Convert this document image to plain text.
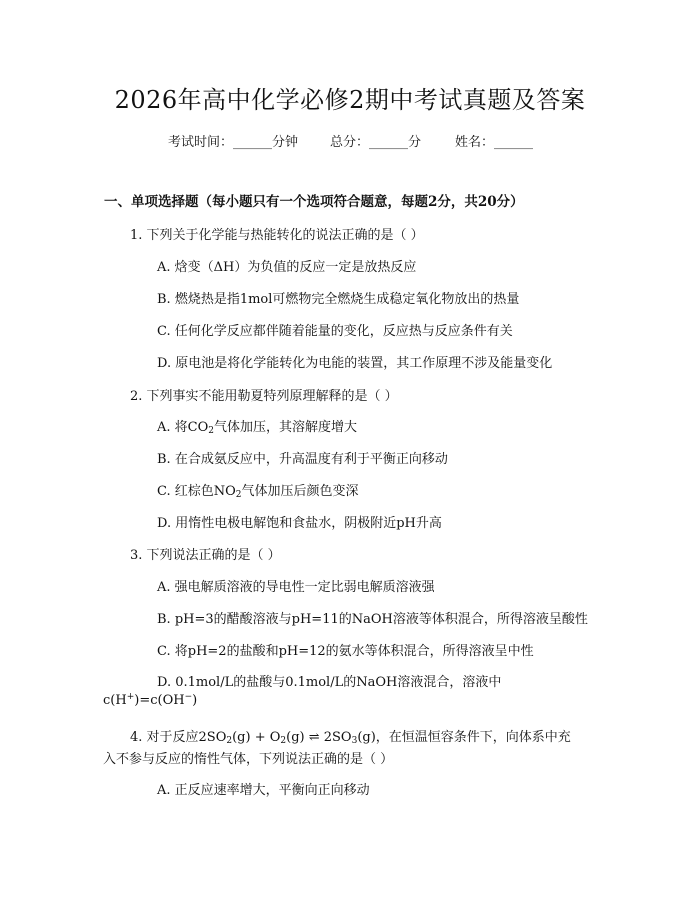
2026年高中化学必修2期中考试真题及答案
考试时间：______分钟 总分：______分	姓名：______
一、单项选择题（每小题只有一个选项符合题意，每题2分，共20分）
1. 下列关于化学能与热能转化的说法正确的是（ ）
A. 焓变（ΔH）为负值的反应一定是放热反应
B. 燃烧热是指1mol可燃物完全燃烧生成稳定氧化物放出的热量
C. 任何化学反应都伴随着能量的变化，反应热与反应条件有关
D. 原电池是将化学能转化为电能的装置，其工作原理不涉及能量变化
2. 下列事实不能用勒夏特列原理解释的是（ ）
A. 将$CO_2$气体加压，其溶解度增大
B. 在合成氨反应中，升高温度有利于平衡正向移动
C. 红棕色$NO_2$气体加压后颜色变深
D. 用惰性电极电解饱和食盐水，阴极附近pH升高
3. 下列说法正确的是（ ）
A. 强电解质溶液的导电性一定比弱电解质溶液强
B. pH=3的醋酸溶液与pH=11的NaOH溶液等体积混合，所得溶液呈酸性
C. 将pH=2的盐酸和pH=12的氨水等体积混合，所得溶液呈中性
D. 0.1mol/L的盐酸与0.1mol/L的NaOH溶液混合，溶液中
c(H+)=c(OH−)
4. 对于反应$2SO_2(g) + O_2(g)$ ⇌ $2SO_3(g)$，在恒温恒容条件下，向体系中充
入不参与反应的惰性气体，下列说法正确的是（ ）
A. 正反应速率增大，平衡向正向移动
